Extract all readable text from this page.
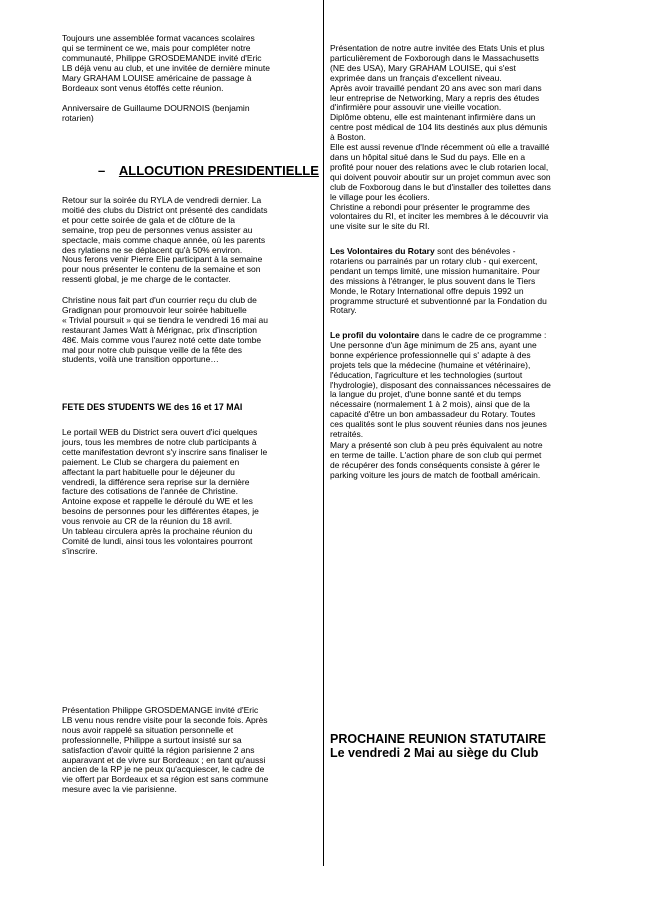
Toujours une assemblée format vacances scolaires
qui se terminent ce we, mais pour compléter notre
communauté, Philippe GROSDEMANDE invité d'Eric
LB déjà venu au club, et une invitée de dernière minute
Mary GRAHAM LOUISE américaine de passage à
Bordeaux sont venus étoffés cette réunion.
Anniversaire de Guillaume DOURNOIS (benjamin
rotarien)
– ALLOCUTION PRESIDENTIELLE
Retour sur la soirée du RYLA de vendredi dernier. La
moitié des clubs du District ont présenté des candidats
et pour cette soirée de gala et de clôture de la
semaine, trop peu de personnes venus assister au
spectacle, mais comme chaque année, où les parents
des rylatiens ne se déplacent qu'à 50% environ.
Nous ferons venir Pierre Elie participant à la semaine
pour nous présenter le contenu de la semaine et son
ressenti global, je me charge de le contacter.
Christine nous fait part d'un courrier reçu du club de
Gradignan pour promouvoir leur soirée habituelle
« Trivial poursuit » qui se tiendra le vendredi 16 mai au
restaurant James Watt à Mérignac, prix d'inscription
48€. Mais comme vous l'aurez noté cette date tombe
mal pour notre club puisque veille de la fête des
students, voilà une transition opportune…
FETE DES STUDENTS WE des 16 et 17 MAI
Le portail WEB du District sera ouvert d'ici quelques
jours, tous les membres de notre club participants à
cette manifestation devront s'y inscrire sans finaliser le
paiement. Le Club se chargera du paiement en
affectant la part habituelle pour le déjeuner du
vendredi, la différence sera reprise sur la dernière
facture des cotisations de l'année de Christine.
Antoine expose et rappelle le déroulé du WE et les
besoins de personnes pour les différentes étapes, je
vous renvoie au CR de la réunion du 18 avril.
Un tableau circulera après la prochaine réunion du
Comité de lundi, ainsi tous les volontaires pourront
s'inscrire.
Présentation Philippe GROSDEMANGE invité d'Eric
LB venu nous rendre visite pour la seconde fois. Après
nous avoir rappelé sa situation personnelle et
professionnelle, Philippe a surtout insisté sur sa
satisfaction d'avoir quitté la région parisienne 2 ans
auparavant et de vivre sur Bordeaux ; en tant qu'aussi
ancien de la RP je ne peux qu'acquiescer, le cadre de
vie offert par Bordeaux et sa région est sans commune
mesure avec la vie parisienne.
Présentation de notre autre invitée des Etats Unis et plus
particulièrement de Foxborough dans le Massachusetts
(NE des USA), Mary GRAHAM LOUISE, qui s'est
exprimée dans un français d'excellent niveau.
Après avoir travaillé pendant 20 ans avec son mari dans
leur entreprise de Networking, Mary a repris des études
d'infirmière pour assouvir une vieille vocation.
Diplôme obtenu, elle est maintenant infirmière dans un
centre post médical de 104 lits destinés aux plus démunis
à Boston.
Elle est aussi revenue d'Inde récemment où elle a travaillé
dans un hôpital situé dans le Sud du pays. Elle en a
profité pour nouer des relations avec le club rotarien local,
qui doivent pouvoir aboutir sur un projet commun avec son
club de Foxboroug dans le but d'installer des toilettes dans
le village pour les écoliers.
Christine a rebondi pour présenter le programme des
volontaires du RI, et inciter les membres à le découvrir via
une visite sur le site du RI.
Les Volontaires du Rotary sont des bénévoles -
rotariens ou parrainés par un rotary club - qui exercent,
pendant un temps limité, une mission humanitaire. Pour
des missions à l'étranger, le plus souvent dans le Tiers
Monde, le Rotary International offre depuis 1992 un
programme structuré et subventionné par la Fondation du
Rotary.
Le profil du volontaire dans le cadre de ce programme :
Une personne d'un âge minimum de 25 ans, ayant une
bonne expérience professionnelle qui s' adapte à des
projets tels que la médecine (humaine et vétérinaire),
l'éducation, l'agriculture et les technologies (surtout
l'hydrologie), disposant des connaissances nécessaires de
la langue du projet, d'une bonne santé et du temps
nécessaire (normalement 1 à 2 mois), ainsi que de la
capacité d'être un bon ambassadeur du Rotary. Toutes
ces qualités sont le plus souvent réunies dans nos jeunes
retraités.
Mary a présenté son club à peu près équivalent au notre
en terme de taille. L'action phare de son club qui permet
de récupérer des fonds conséquents consiste à gérer le
parking voiture les jours de match de football américain.
PROCHAINE REUNION STATUTAIRE
Le vendredi 2 Mai au siège du Club
